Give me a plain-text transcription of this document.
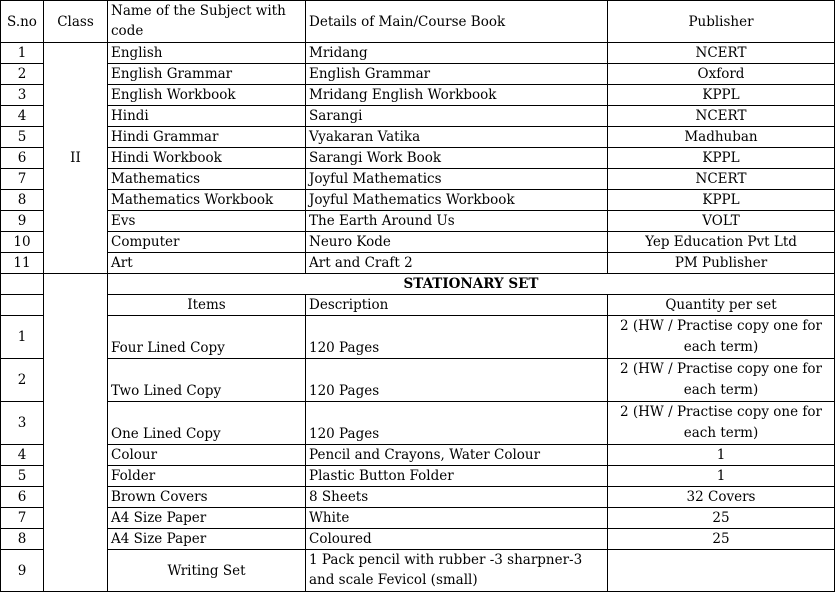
S.no	Class	Name of the Subject with code	Details of Main/Course Book	Publisher
1	II	English	Mridang	NCERT
2		English Grammar	English Grammar	Oxford
3		English Workbook	Mridang English Workbook	KPPL
4		Hindi	Sarangi	NCERT
5		Hindi Grammar	Vyakaran Vatika	Madhuban
6		Hindi Workbook	Sarangi Work Book	KPPL
7		Mathematics	Joyful Mathematics	NCERT
8		Mathematics Workbook	Joyful Mathematics Workbook	KPPL
9		Evs	The Earth Around Us	VOLT
10		Computer	Neuro Kode	Yep Education Pvt Ltd
11		Art	Art and Craft 2	PM Publisher
		STATIONARY SET		
		Items	Description	Quantity per set
1		Four Lined Copy	120 Pages	2 (HW / Practise copy one for each term)
2		Two Lined Copy	120 Pages	2 (HW / Practise copy one for each term)
3		One Lined Copy	120 Pages	2 (HW / Practise copy one for each term)
4		Colour	Pencil and Crayons, Water Colour	1
5		Folder	Plastic Button Folder	1
6		Brown Covers	8 Sheets	32 Covers
7		A4 Size Paper	White	25
8		A4 Size Paper	Coloured	25
9		Writing Set	1 Pack pencil with rubber -3 sharpner-3 and scale Fevicol (small)	
